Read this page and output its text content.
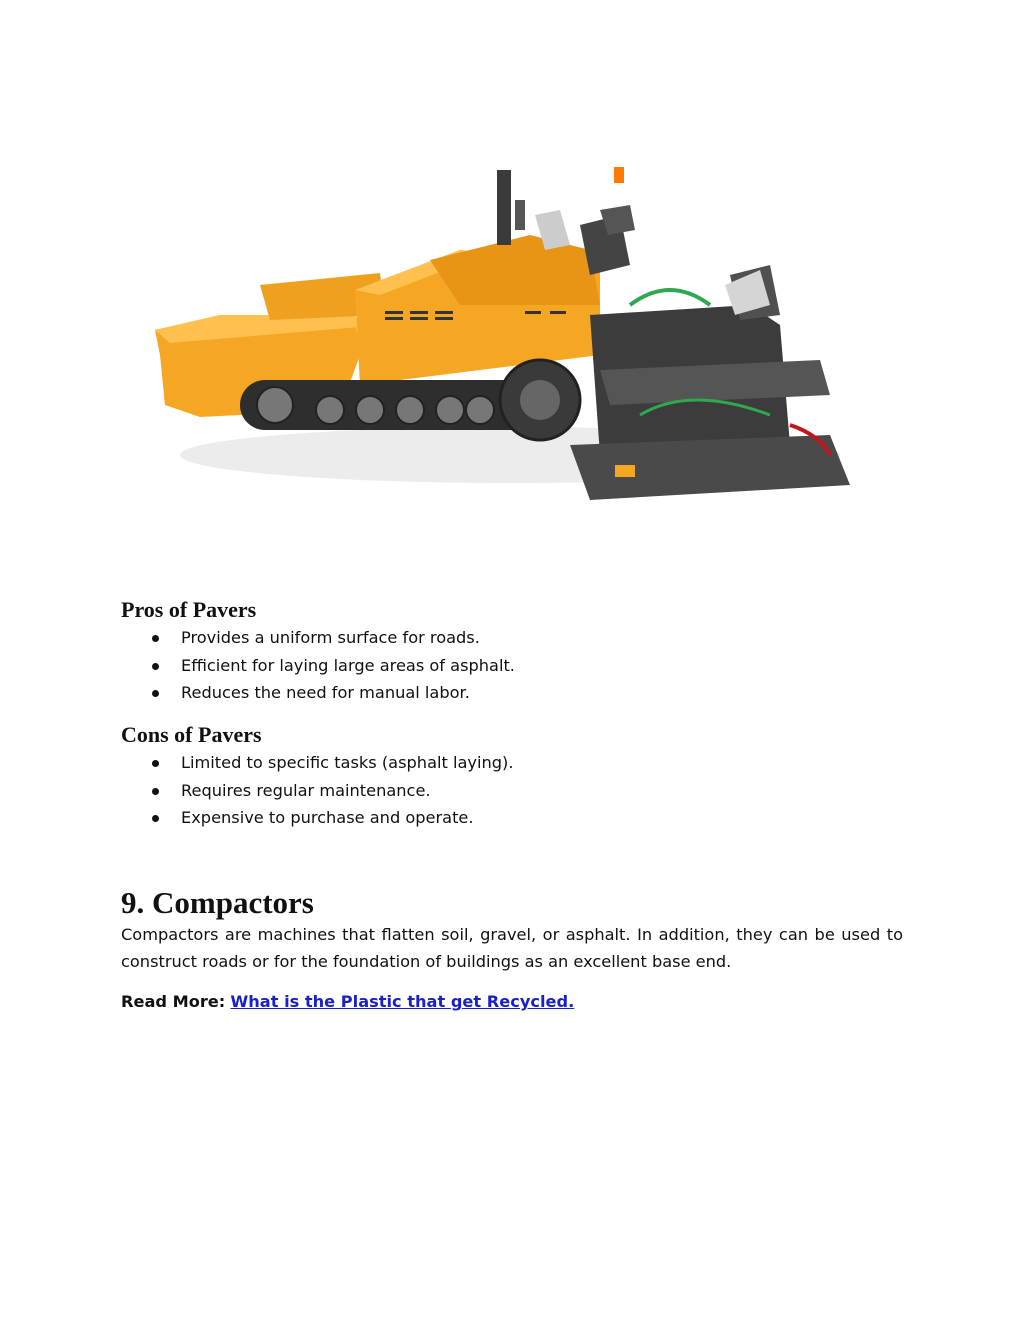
Pros of Pavers
Provides a uniform surface for roads.
Efficient for laying large areas of asphalt.
Reduces the need for manual labor.
Cons of Pavers
Limited to specific tasks (asphalt laying).
Requires regular maintenance.
Expensive to purchase and operate.
9. Compactors

Compactors are machines that flatten soil, gravel, or asphalt. In addition, they can be used to construct roads or for the foundation of buildings as an excellent base end.

Read More: What is the Plastic that get Recycled.
